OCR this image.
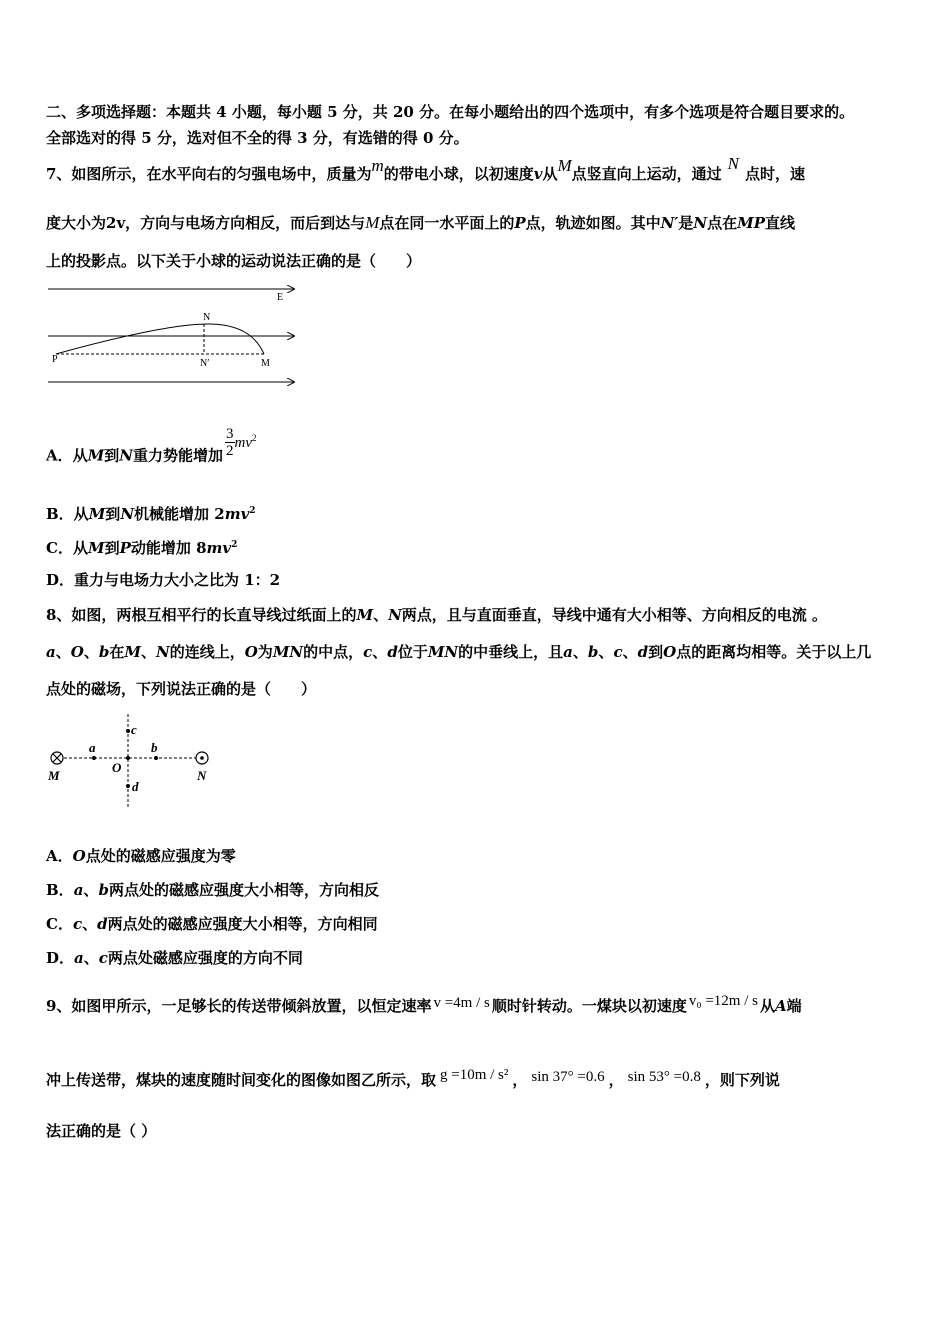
二、多项选择题：本题共 4 小题，每小题 5 分，共 20 分。在每小题给出的四个选项中，有多个选项是符合题目要求的。
全部选对的得 5 分，选对但不全的得 3 分，有选错的得 0 分。
7、如图所示，在水平向右的匀强电场中，质量为m的带电小球，以初速度v从M点竖直向上运动，通过N点时，速
度大小为2v，方向与电场方向相反，而后到达与M点在同一水平面上的P点，轨迹如图。其中N′是N点在MP直线
上的投影点。以下关于小球的运动说法正确的是（　　）
E
N
P	N′	M
A．从M到N重力势能增加 $\frac{3}{2} mv^2$
B．从M到N机械能增加 $2mv^2$
C．从M到P动能增加 $8mv^2$
D．重力与电场力大小之比为 1：2
8、如图，两根互相平行的长直导线过纸面上的M、N两点，且与直面垂直，导线中通有大小相等、方向相反的电流 。
a、O、b在M、N的连线上，O为MN的中点，c、d位于MN的中垂线上，且a、b、c、d到O点的距离均相等。关于以上几
点处的磁场，下列说法正确的是（　　）
c
a	b
O
M	N
d
A．O点处的磁感应强度为零
B．a、b两点处的磁感应强度大小相等，方向相反
C．c、d两点处的磁感应强度大小相等，方向相同
D．a、c两点处磁感应强度的方向不同
9、如图甲所示，一足够长的传送带倾斜放置，以恒定速率 v =4m / s 顺时针转动。一煤块以初速度 v₀ =12m / s 从A端
冲上传送带，煤块的速度随时间变化的图像如图乙所示，取 g =10m / s² ， sin 37° =0.6 ， sin 53° =0.8 ，则下列说
法正确的是（ ）
